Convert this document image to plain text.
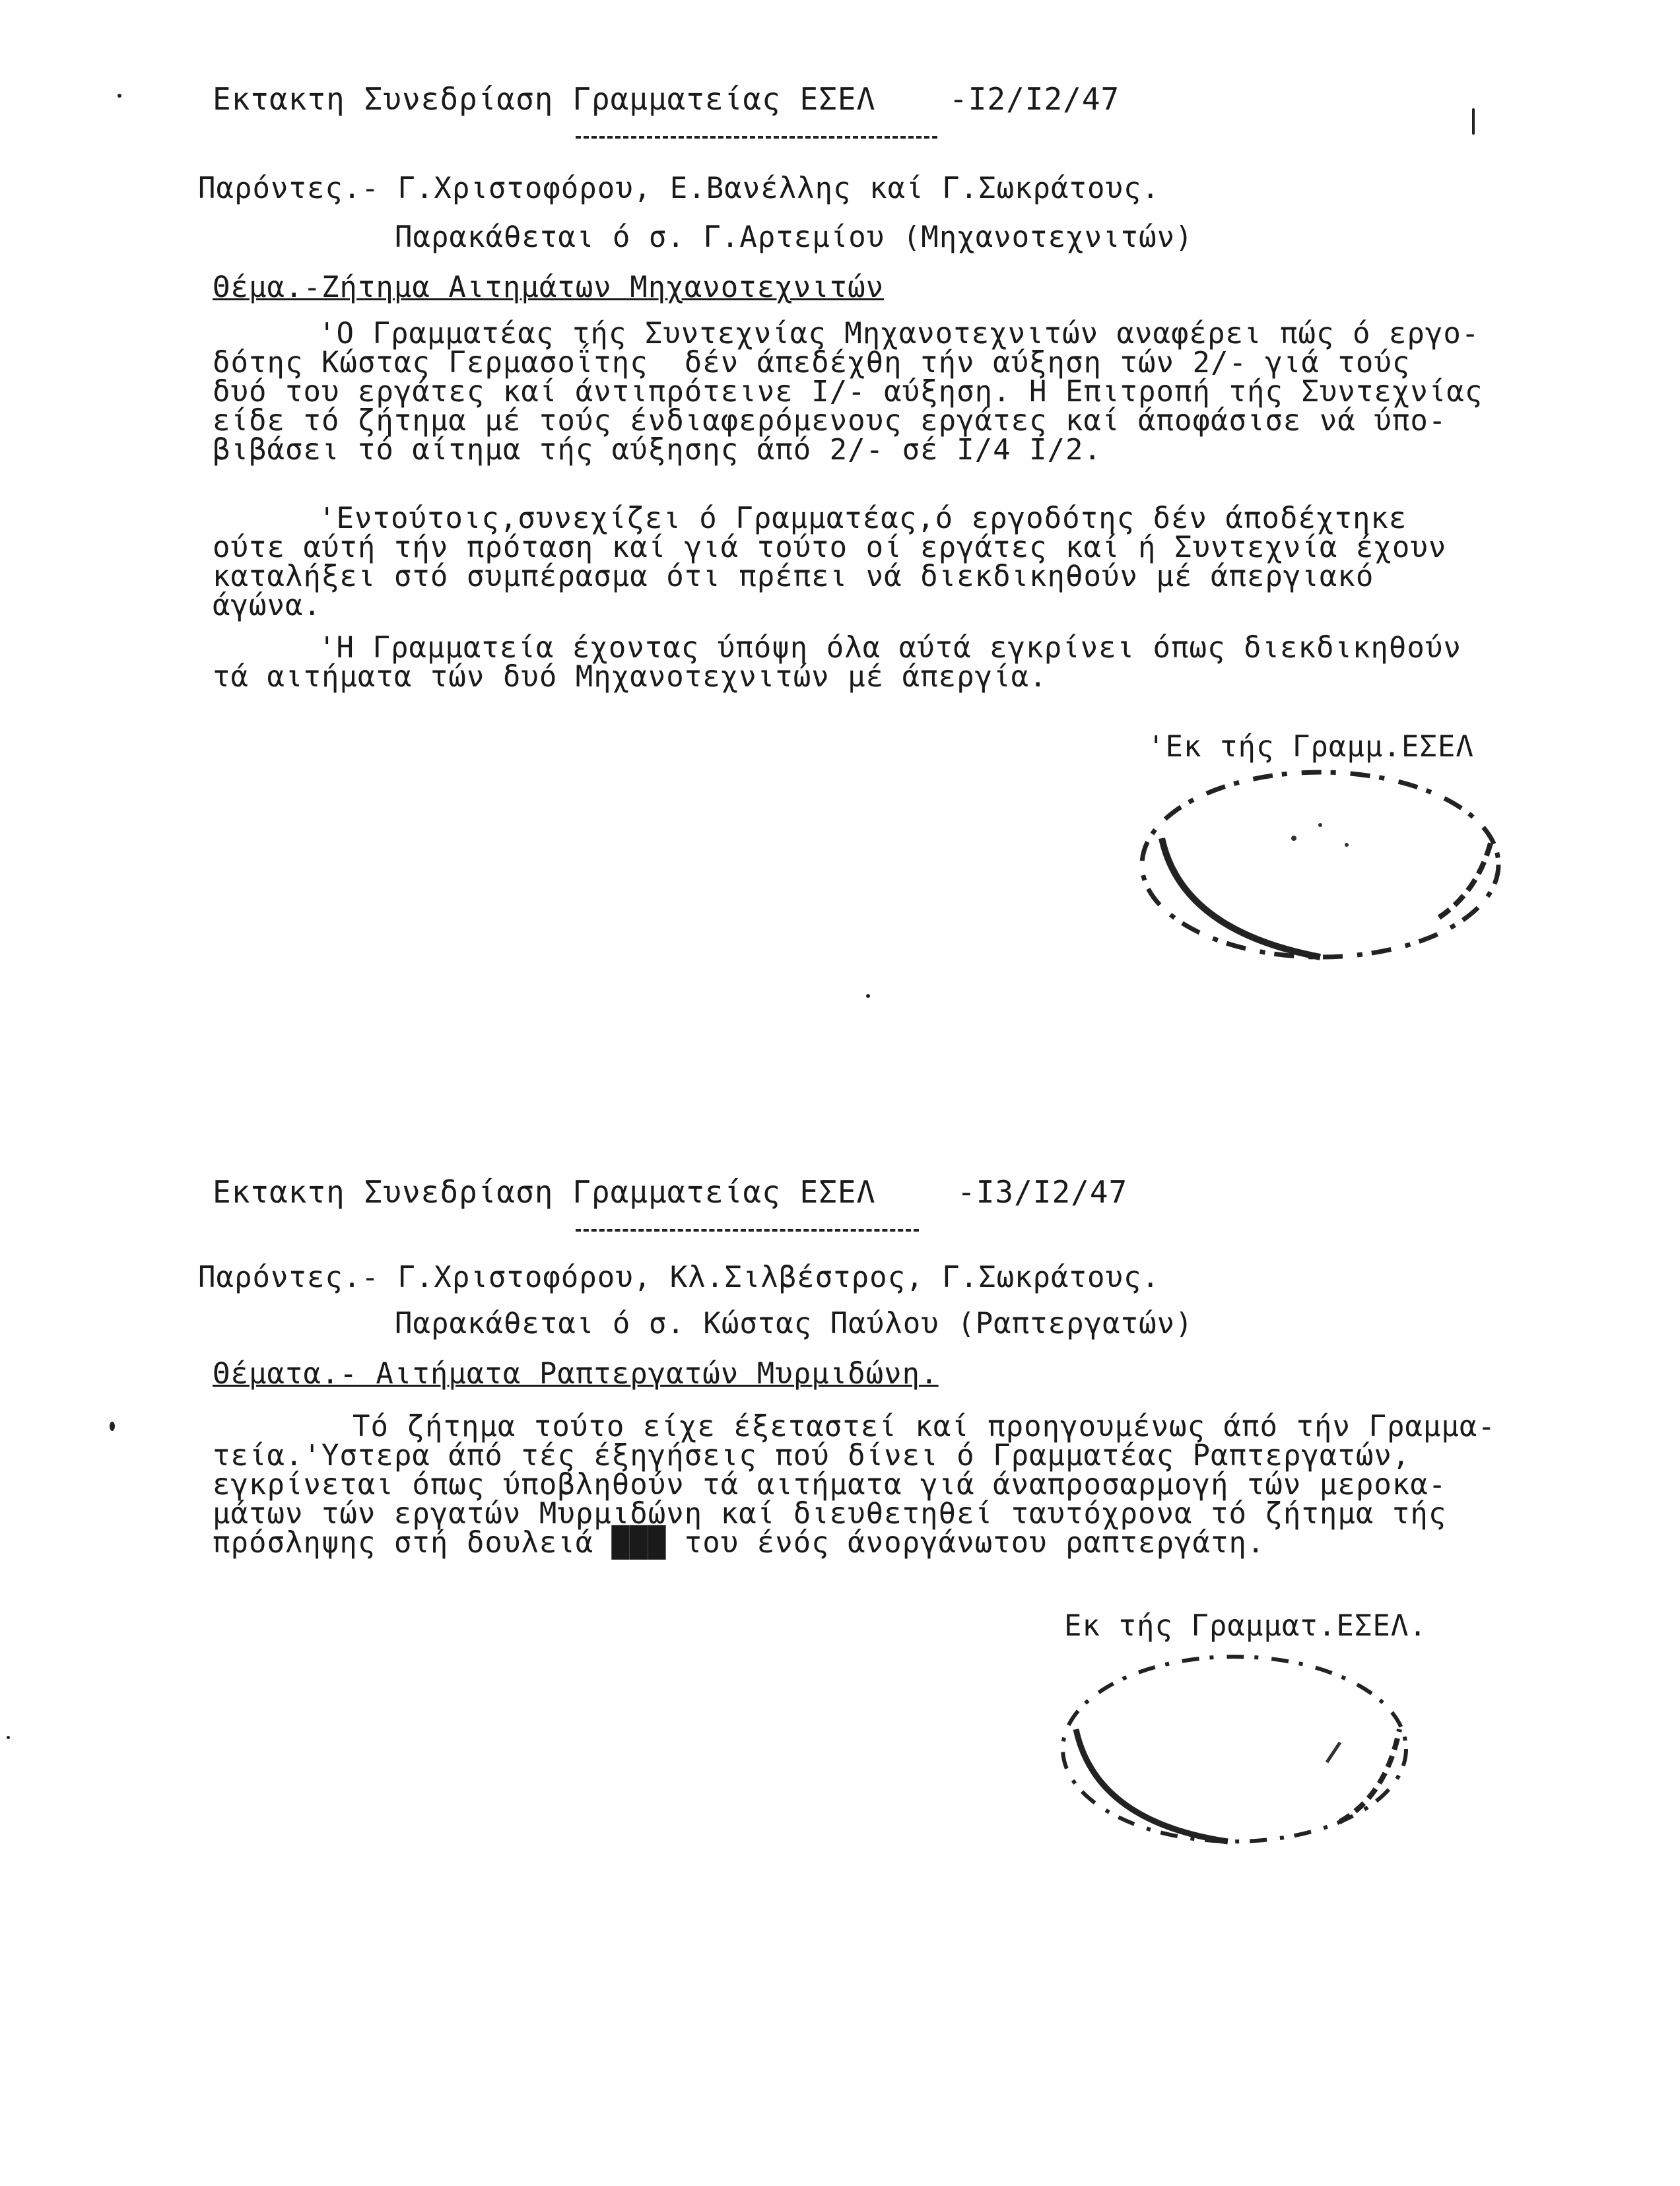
Εκτακτη Συνεδρίαση Γραμματείας ΕΣΕΛ -I2/I2/47
Παρόντες.- Γ.Χριστοφόρου, Ε.Βανέλλης καί Γ.Σωκράτους.
Παρακάθεται ό σ. Γ.Αρτεμίου (Μηχανοτεχνιτών)
Θέμα.-Ζήτημα Αιτημάτων Μηχανοτεχνιτών
'Ο Γραμματέας τής Συντεχνίας Μηχανοτεχνιτών αναφέρει πώς ό εργο-
δότης Κώστας Γερμασοΐτης  δέν άπεδέχθη τήν αύξηση τών 2/- γιά τούς
δυό του εργάτες καί άντιπρότεινε I/- αύξηση. Η Επιτροπή τής Συντεχνίας
είδε τό ζήτημα μέ τούς ένδιαφερόμενους εργάτες καί άποφάσισε νά ύπο-
βιβάσει τό αίτημα τής αύξησης άπό 2/- σέ I/4 I/2.
'Εντούτοις,συνεχίζει ό Γραμματέας,ό εργοδότης δέν άποδέχτηκε
ούτε αύτή τήν πρόταση καί γιά τούτο οί εργάτες καί ή Συντεχνία έχουν
καταλήξει στό συμπέρασμα ότι πρέπει νά διεκδικηθούν μέ άπεργιακό
άγώνα.
'Η Γραμματεία έχοντας ύπόψη όλα αύτά εγκρίνει όπως διεκδικηθούν
τά αιτήματα τών δυό Μηχανοτεχνιτών μέ άπεργία.
'Εκ τής Γραμμ.ΕΣΕΛ
Εκτακτη Συνεδρίαση Γραμματείας ΕΣΕΛ	-I3/I2/47
Παρόντες.- Γ.Χριστοφόρου, Κλ.Σιλβέστρος, Γ.Σωκράτους.
Παρακάθεται ό σ. Κώστας Παύλου (Ραπτεργατών)
Θέματα.- Αιτήματα Ραπτεργατών Μυρμιδώνη.
Τό ζήτημα τούτο είχε έξεταστεί καί προηγουμένως άπό τήν Γραμμα-
τεία.'Υστερα άπό τές έξηγήσεις πού δίνει ό Γραμματέας Ραπτεργατών,
εγκρίνεται όπως ύποβληθούν τά αιτήματα γιά άναπροσαρμογή τών μεροκα-
μάτων τών εργατών Μυρμιδώνη καί διευθετηθεί ταυτόχρονα τό ζήτημα τής
πρόσληψης στή δουλειά ███ του ένός άνοργάνωτου ραπτεργάτη.
Εκ τής Γραμματ.ΕΣΕΛ.
